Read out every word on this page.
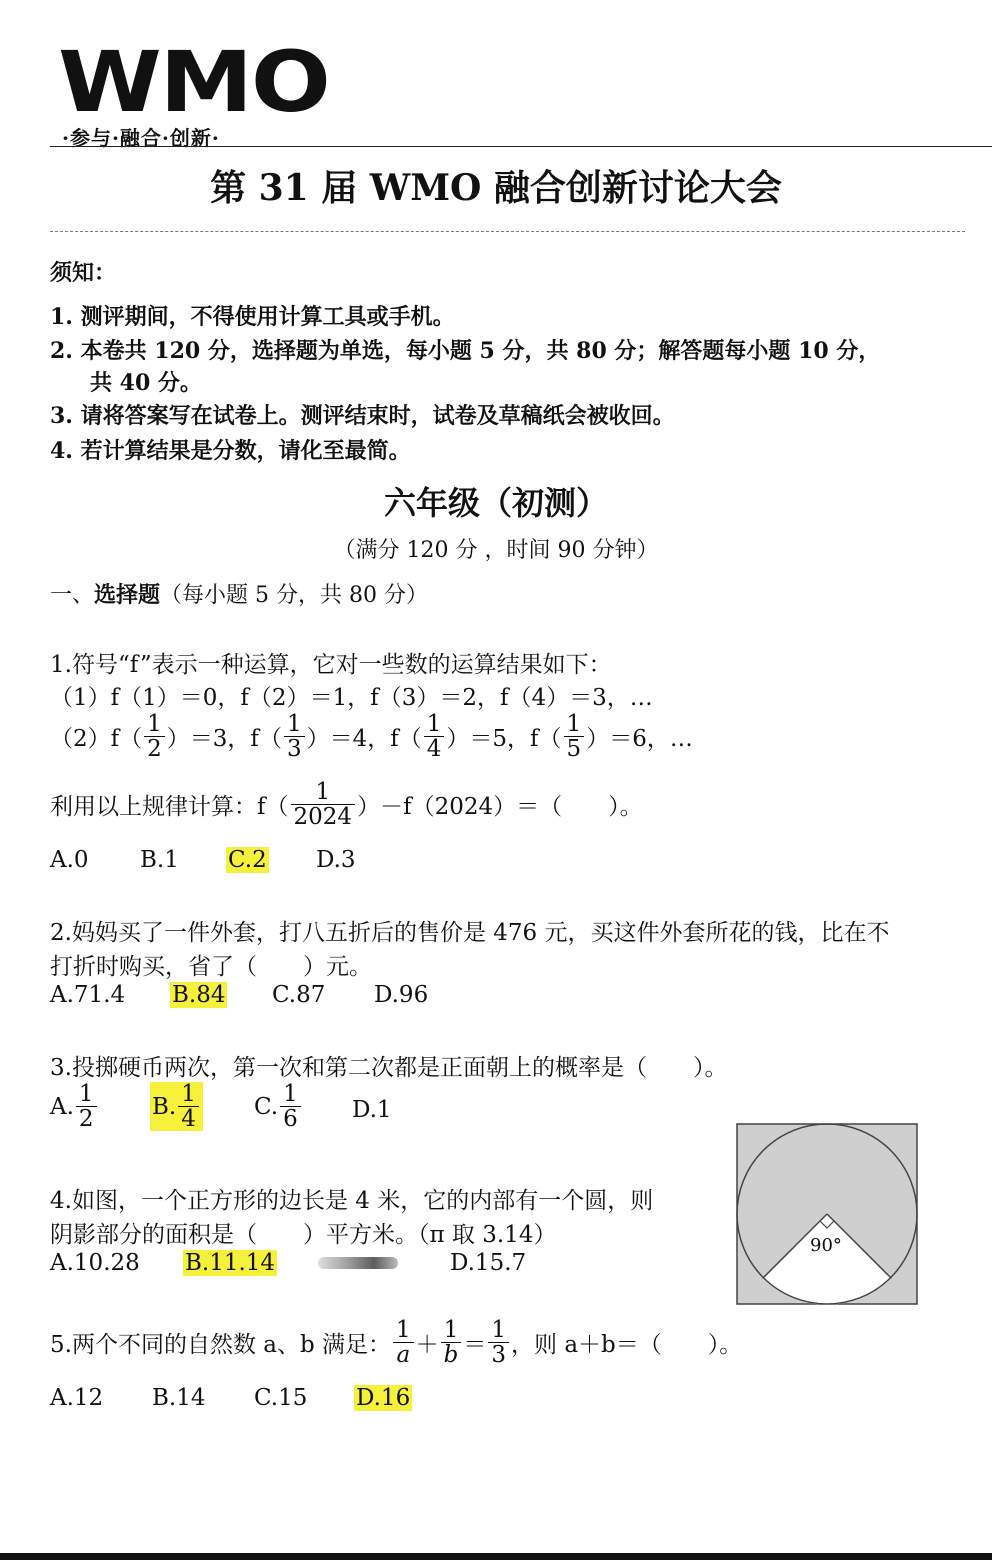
WMO
·参与·融合·创新·
第 31 届 WMO 融合创新讨论大会
须知：
1. 测评期间，不得使用计算工具或手机。
2. 本卷共 120 分，选择题为单选，每小题 5 分，共 80 分；解答题每小题 10 分，
共 40 分。
3. 请将答案写在试卷上。测评结束时，试卷及草稿纸会被收回。
4. 若计算结果是分数，请化至最简。
六年级（初测）
（满分 120 分 ，时间 90 分钟）
一、选择题（每小题 5 分，共 80 分）
1.符号“f”表示一种运算，它对一些数的运算结果如下：
（1）f（1）＝0，f（2）＝1，f（3）＝2，f（4）＝3，…
$(2)f( \frac{1}{2} )=3$，$f( \frac{1}{3} )=4$，$f( \frac{1}{4} )=5$，$f( \frac{1}{5} )=6$，…
利用以上规律计算：$f( \frac{1}{2024} )-f(2024)=$（　　）。
A.0 B.1 C.2 D.3
2.妈妈买了一件外套，打八五折后的售价是 476 元，买这件外套所花的钱，比在不
打折时购买，省了（　　）元。
A.71.4 B.84 C.87 D.96
3.投掷硬币两次，第一次和第二次都是正面朝上的概率是（　　）。
A. $\frac{1}{2} B$. $\frac{1}{4} C$. $\frac{1}{6} D.1$
4.如图，一个正方形的边长是 4 米，它的内部有一个圆，则
阴影部分的面积是（　　）平方米。（π 取 3.14）
A.10.28 B.11.14	D.15.7
90°
5.两个不同的自然数 a、b 满足： $\frac{1}{a} + \frac{1}{b} = \frac{1}{3}$ ，则 a＋b＝（　　）。
A.12 B.14 C.15 D.16
